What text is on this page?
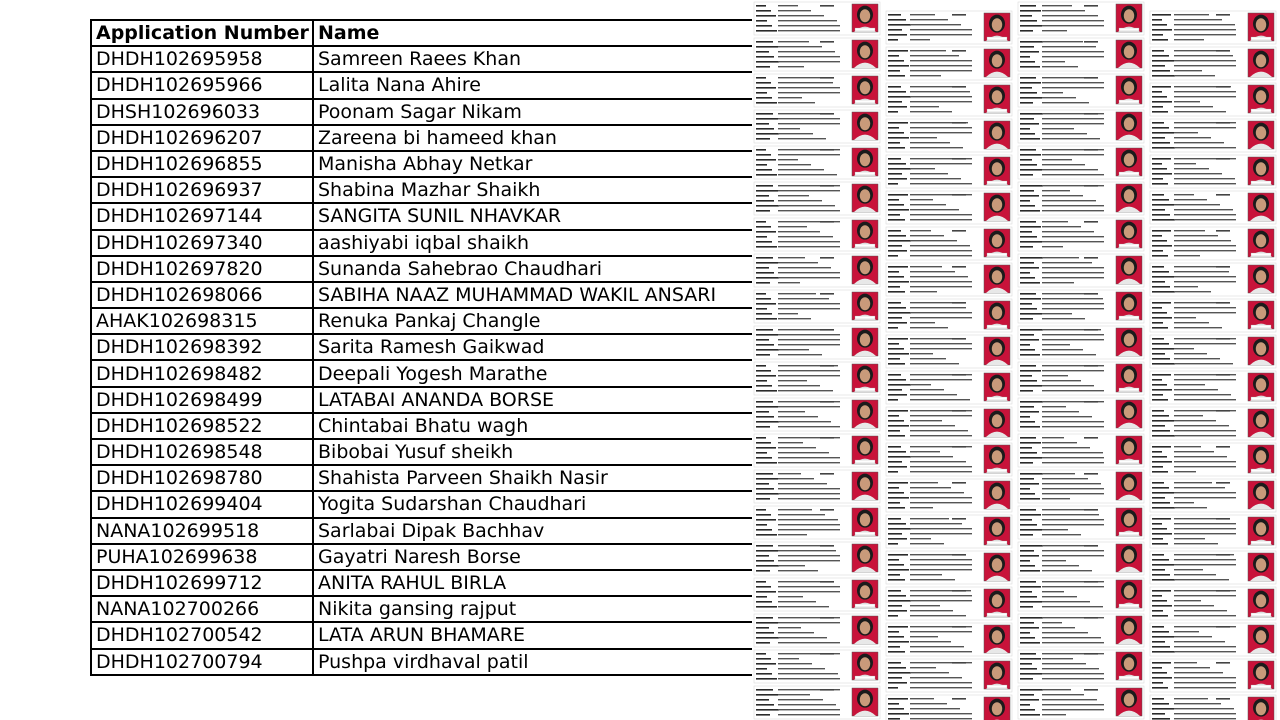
Application Number	Name
DHDH102695958	Samreen Raees Khan
DHDH102695966	Lalita Nana Ahire
DHSH102696033	Poonam Sagar Nikam
DHDH102696207	Zareena bi hameed khan
DHDH102696855	Manisha Abhay Netkar
DHDH102696937	Shabina Mazhar Shaikh
DHDH102697144	SANGITA SUNIL NHAVKAR
DHDH102697340	aashiyabi iqbal shaikh
DHDH102697820	Sunanda Sahebrao Chaudhari
DHDH102698066	SABIHA NAAZ MUHAMMAD WAKIL ANSARI
AHAK102698315	Renuka Pankaj Changle
DHDH102698392	Sarita Ramesh Gaikwad
DHDH102698482	Deepali Yogesh Marathe
DHDH102698499	LATABAI ANANDA BORSE
DHDH102698522	Chintabai Bhatu wagh
DHDH102698548	Bibobai Yusuf sheikh
DHDH102698780	Shahista Parveen Shaikh Nasir
DHDH102699404	Yogita Sudarshan Chaudhari
NANA102699518	Sarlabai Dipak Bachhav
PUHA102699638	Gayatri Naresh Borse
DHDH102699712	ANITA RAHUL BIRLA
NANA102700266	Nikita gansing rajput
DHDH102700542	LATA ARUN BHAMARE
DHDH102700794	Pushpa virdhaval patil
